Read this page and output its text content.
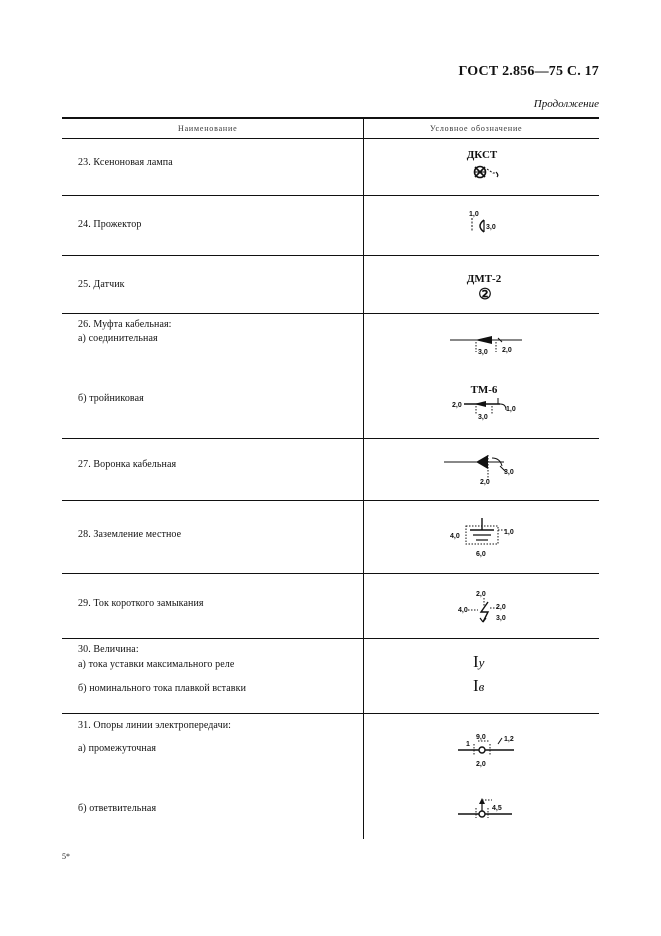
ГОСТ 2.856—75 С. 17
Продолжение
Наименование	Условное обозначение
23. Ксеноновая лампа
24. Прожектор
25. Датчик
26. Муфта кабельная:
а) соединительная
б) тройниковая
27. Воронка кабельная
28. Заземление местное
29. Ток короткого замыкания
30. Величина:
а) тока уставки максимального реле
б) номинального тока плавкой вставки
31. Опоры линии электропередачи:
а) промежуточная
б) ответвительная
ДКСТ
1,0
3,0
ДМТ-2
②
3,0 2,0
ТМ-6
2,0
1,0
3,0
3,0
2,0
4,0
1,0
6,0
2,0
4,0	2,0
3,0
Iу
Iв
9,0
1
1,2
2,0
4,5
5*
